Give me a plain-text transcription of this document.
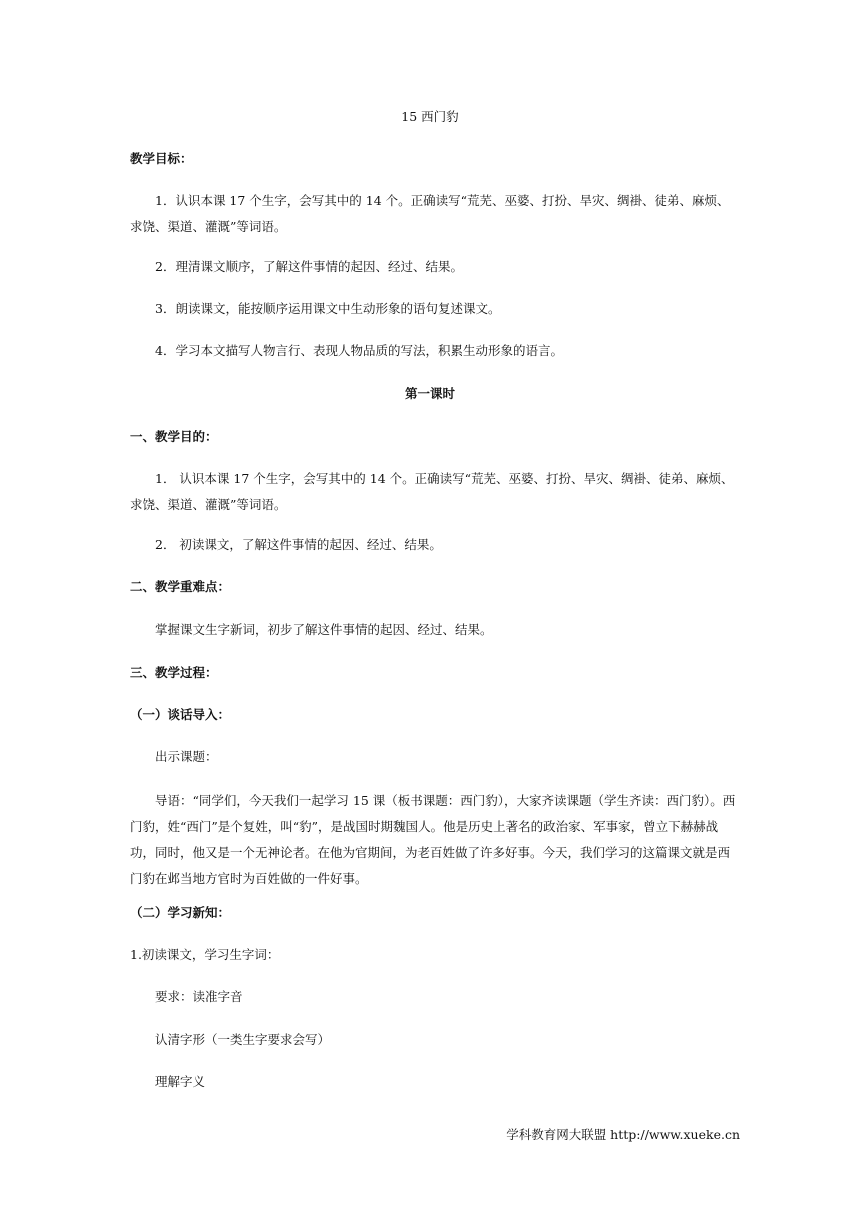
15 西门豹
教学目标：
1．认识本课 17 个生字，会写其中的 14 个。正确读写“荒芜、巫婆、打扮、旱灾、绸褂、徒弟、麻烦、求饶、渠道、灌溉”等词语。
2．理清课文顺序，了解这件事情的起因、经过、结果。
3．朗读课文，能按顺序运用课文中生动形象的语句复述课文。
4．学习本文描写人物言行、表现人物品质的写法，积累生动形象的语言。
第一课时
一、教学目的：
1． 认识本课 17 个生字，会写其中的 14 个。正确读写“荒芜、巫婆、打扮、旱灾、绸褂、徒弟、麻烦、求饶、渠道、灌溉”等词语。
2． 初读课文，了解这件事情的起因、经过、结果。
二、教学重难点：
掌握课文生字新词，初步了解这件事情的起因、经过、结果。
三、教学过程：
（一）谈话导入：
出示课题：
导语：“同学们，今天我们一起学习 15 课（板书课题：西门豹），大家齐读课题（学生齐读：西门豹）。西门豹，姓“西门”是个复姓，叫“豹”，是战国时期魏国人。他是历史上著名的政治家、军事家，曾立下赫赫战功，同时，他又是一个无神论者。在他为官期间，为老百姓做了许多好事。今天，我们学习的这篇课文就是西门豹在邺当地方官时为百姓做的一件好事。
（二）学习新知：
1.初读课文，学习生字词：
要求：读准字音
认清字形（一类生字要求会写）
理解字义
学科教育网大联盟 http://www.xueke.cn
